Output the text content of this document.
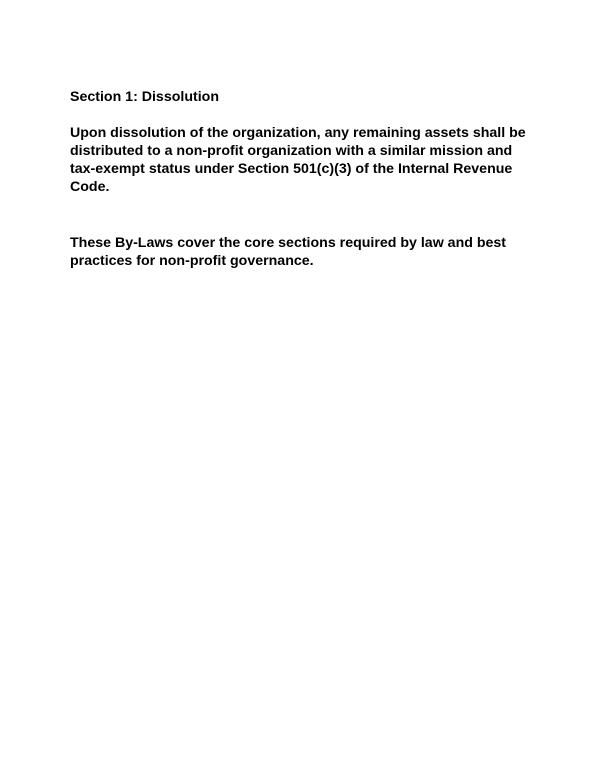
Section 1: Dissolution
Upon dissolution of the organization, any remaining assets shall be
distributed to a non-profit organization with a similar mission and
tax-exempt status under Section 501(c)(3) of the Internal Revenue
Code.
These By-Laws cover the core sections required by law and best
practices for non-profit governance.
